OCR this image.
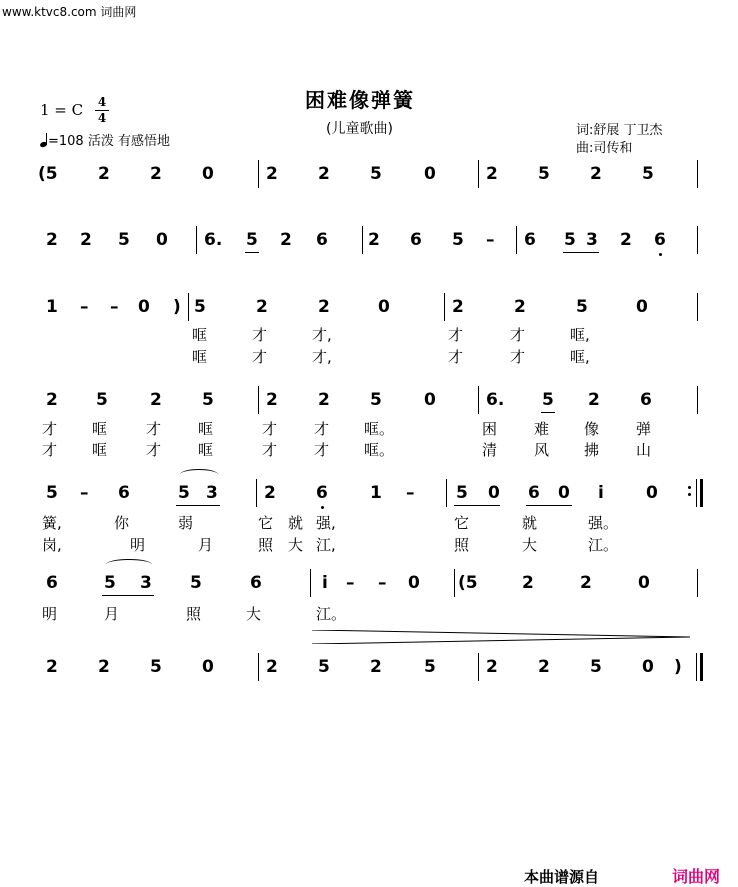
www.ktvc8.com 词曲网
困难像弹簧
(儿童歌曲)
1 = C 4
4
=108 活泼 有感悟地
词:舒展 丁卫杰
曲:司传和
(5 2 2 0	2 2 5 0	2 5 2 5
2 2 5 0 6. 5 2 6 2 6 5 – 6 5 3 2 6
1 – – 0 ) 5	2	2	0	2	2	5	0
哐	才	才,	才	才	哐,
哐	才	才,	才	才	哐,
2 5 2 5	2 2 5 0	6. 5 2 6
才 哐	才 哐	才 才 哐。	困 难 像 弹
才 哐	才 哐	才 才 哐。	清 风 拂 山
5 – 6	5 3	2 6 1 – 5 0 6 0 i 0
簧,	你	弱	它 就 强,	它	就	强。
岗,	明	月	照 大 江,	照	大	江。
6	5 3 5	6	i – – 0 (5	2	2	0
明	月	照	大	江。
2 2 5 0	2 5 2 5	2 2 5 0 )
本曲谱源自	词曲网
